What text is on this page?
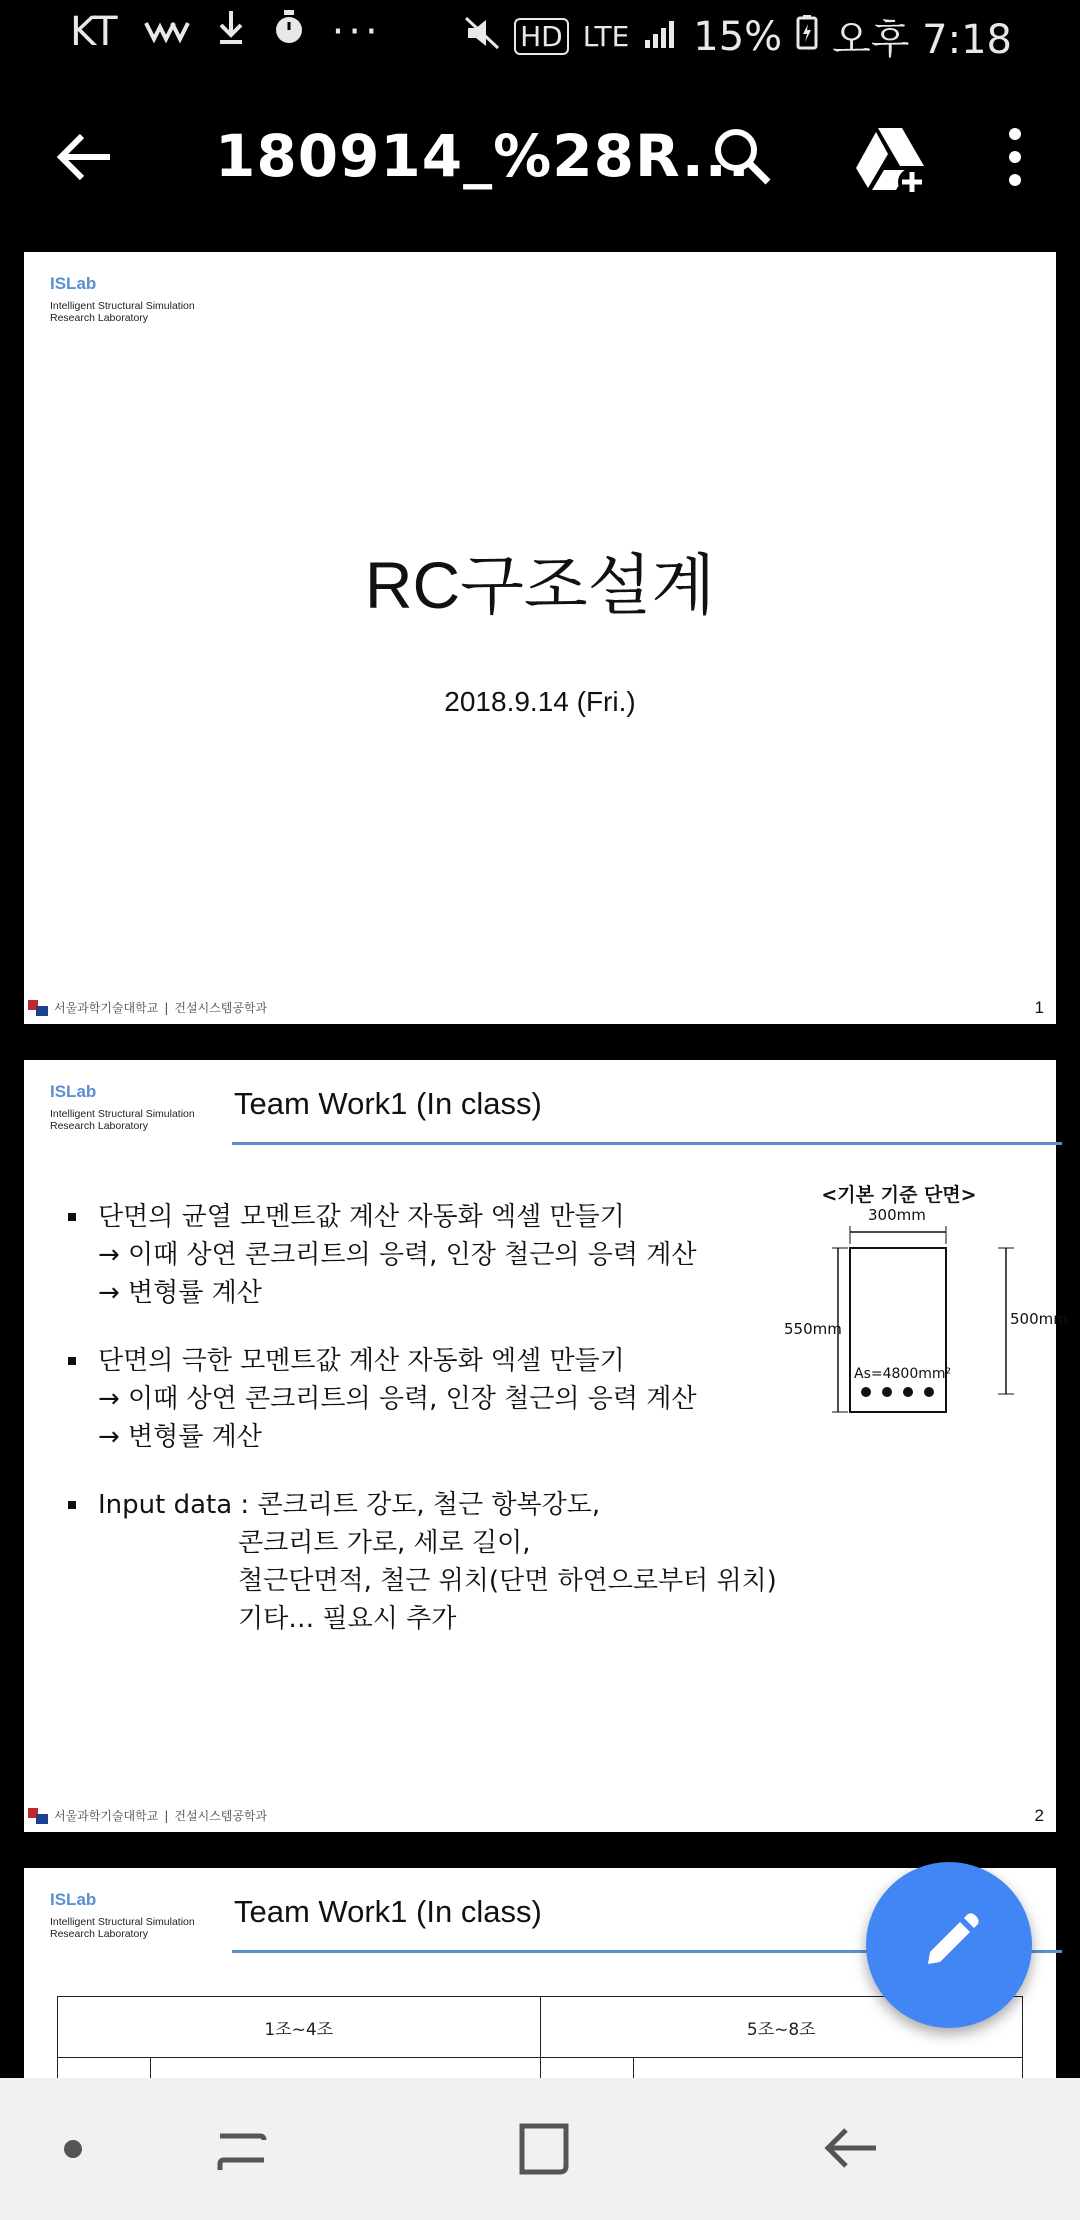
KT	···	HD LTE 15% 오후 7:18
180914_%28R...
ISLab
Intelligent Structural Simulation
Research Laboratory
RC구조설계
2018.9.14 (Fri.)
서울과학기술대학교 | 건설시스템공학과	1
ISLab
Intelligent Structural Simulation
Research Laboratory
Team Work1 (In class)
단면의 균열 모멘트값 계산 자동화 엑셀 만들기
→ 이때 상연 콘크리트의 응력, 인장 철근의 응력 계산
→ 변형률 계산
단면의 극한 모멘트값 계산 자동화 엑셀 만들기
→ 이때 상연 콘크리트의 응력, 인장 철근의 응력 계산
→ 변형률 계산
Input data : 콘크리트 강도, 철근 항복강도,
콘크리트 가로, 세로 길이,
철근단면적, 철근 위치(단면 하연으로부터 위치)
기타… 필요시 추가
<기본 기준 단면>
300mm
550mm
500mm
As=4800mm²
서울과학기술대학교 | 건설시스템공학과	2
ISLab
Intelligent Structural Simulation
Research Laboratory
Team Work1 (In class)
1조~4조		5조~8조	
